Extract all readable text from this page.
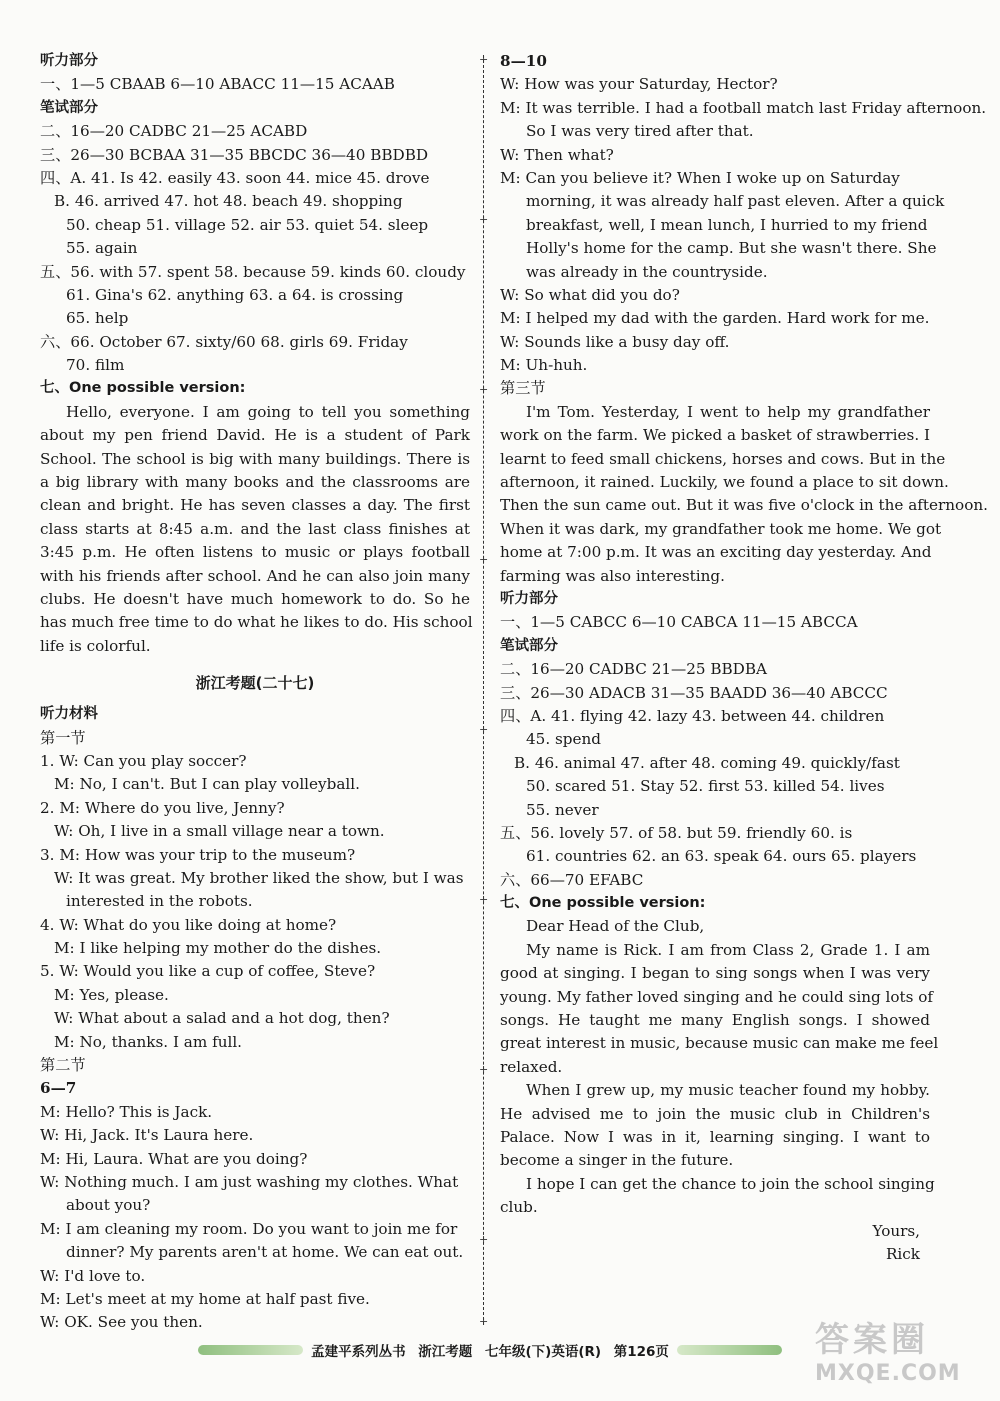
听力部分
一、1—5 CBAAB 6—10 ABACC 11—15 ACAAB
笔试部分
二、16—20 CADBC 21—25 ACABD
三、26—30 BCBAA 31—35 BBCDC 36—40 BBDBD
四、A. 41. Is 42. easily 43. soon 44. mice 45. drove
B. 46. arrived 47. hot 48. beach 49. shopping
50. cheap 51. village 52. air 53. quiet 54. sleep
55. again
五、56. with 57. spent 58. because 59. kinds 60. cloudy
61. Gina's 62. anything 63. a 64. is crossing
65. help
六、66. October 67. sixty/60 68. girls 69. Friday
70. film
七、One possible version:
Hello, everyone. I am going to tell you something
about my pen friend David. He is a student of Park
School. The school is big with many buildings. There is
a big library with many books and the classrooms are
clean and bright. He has seven classes a day. The first
class starts at 8:45 a.m. and the last class finishes at
3:45 p.m. He often listens to music or plays football
with his friends after school. And he can also join many
clubs. He doesn't have much homework to do. So he
has much free time to do what he likes to do. His school
life is colorful.
浙江考题(二十七)
听力材料
第一节
1. W: Can you play soccer?
M: No, I can't. But I can play volleyball.
2. M: Where do you live, Jenny?
W: Oh, I live in a small village near a town.
3. M: How was your trip to the museum?
W: It was great. My brother liked the show, but I was
interested in the robots.
4. W: What do you like doing at home?
M: I like helping my mother do the dishes.
5. W: Would you like a cup of coffee, Steve?
M: Yes, please.
W: What about a salad and a hot dog, then?
M: No, thanks. I am full.
第二节
6—7
M: Hello? This is Jack.
W: Hi, Jack. It's Laura here.
M: Hi, Laura. What are you doing?
W: Nothing much. I am just washing my clothes. What
about you?
M: I am cleaning my room. Do you want to join me for
dinner? My parents aren't at home. We can eat out.
W: I'd love to.
M: Let's meet at my home at half past five.
W: OK. See you then.
+
+
+
+
+
+
+
+
+
8—10
W: How was your Saturday, Hector?
M: It was terrible. I had a football match last Friday afternoon.
So I was very tired after that.
W: Then what?
M: Can you believe it? When I woke up on Saturday
morning, it was already half past eleven. After a quick
breakfast, well, I mean lunch, I hurried to my friend
Holly's home for the camp. But she wasn't there. She
was already in the countryside.
W: So what did you do?
M: I helped my dad with the garden. Hard work for me.
W: Sounds like a busy day off.
M: Uh-huh.
第三节
I'm Tom. Yesterday, I went to help my grandfather
work on the farm. We picked a basket of strawberries. I
learnt to feed small chickens, horses and cows. But in the
afternoon, it rained. Luckily, we found a place to sit down.
Then the sun came out. But it was five o'clock in the afternoon.
When it was dark, my grandfather took me home. We got
home at 7:00 p.m. It was an exciting day yesterday. And
farming was also interesting.
听力部分
一、1—5 CABCC 6—10 CABCA 11—15 ABCCA
笔试部分
二、16—20 CADBC 21—25 BBDBA
三、26—30 ADACB 31—35 BAADD 36—40 ABCCC
四、A. 41. flying 42. lazy 43. between 44. children
45. spend
B. 46. animal 47. after 48. coming 49. quickly/fast
50. scared 51. Stay 52. first 53. killed 54. lives
55. never
五、56. lovely 57. of 58. but 59. friendly 60. is
61. countries 62. an 63. speak 64. ours 65. players
六、66—70 EFABC
七、One possible version:
Dear Head of the Club,
My name is Rick. I am from Class 2, Grade 1. I am
good at singing. I began to sing songs when I was very
young. My father loved singing and he could sing lots of
songs. He taught me many English songs. I showed
great interest in music, because music can make me feel
relaxed.
When I grew up, my music teacher found my hobby.
He advised me to join the music club in Children's
Palace. Now I was in it, learning singing. I want to
become a singer in the future.
I hope I can get the chance to join the school singing
club.
Yours,
Rick
孟建平系列丛书 浙江考题 七年级(下)英语(R) 第126页	答案圈
MXQE.COM
